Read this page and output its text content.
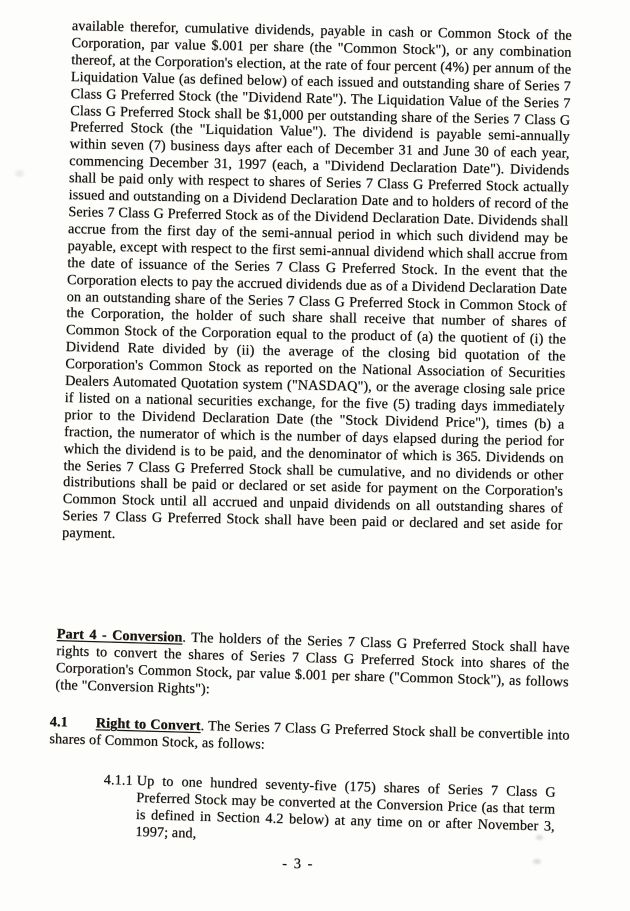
available therefor, cumulative dividends, payable in cash or Common Stock of the Corporation, par value $.001 per share (the "Common Stock"), or any combination thereof, at the Corporation's election, at the rate of four percent (4%) per annum of the Liquidation Value (as defined below) of each issued and outstanding share of Series 7 Class G Preferred Stock (the "Dividend Rate"). The Liquidation Value of the Series 7 Class G Preferred Stock shall be $1,000 per outstanding share of the Series 7 Class G Preferred Stock (the "Liquidation Value"). The dividend is payable semi-annually within seven (7) business days after each of December 31 and June 30 of each year, commencing December 31, 1997 (each, a "Dividend Declaration Date"). Dividends shall be paid only with respect to shares of Series 7 Class G Preferred Stock actually issued and outstanding on a Dividend Declaration Date and to holders of record of the Series 7 Class G Preferred Stock as of the Dividend Declaration Date. Dividends shall accrue from the first day of the semi-annual period in which such dividend may be payable, except with respect to the first semi-annual dividend which shall accrue from the date of issuance of the Series 7 Class G Preferred Stock. In the event that the Corporation elects to pay the accrued dividends due as of a Dividend Declaration Date on an outstanding share of the Series 7 Class G Preferred Stock in Common Stock of the Corporation, the holder of such share shall receive that number of shares of Common Stock of the Corporation equal to the product of (a) the quotient of (i) the Dividend Rate divided by (ii) the average of the closing bid quotation of the Corporation's Common Stock as reported on the National Association of Securities Dealers Automated Quotation system ("NASDAQ"), or the average closing sale price if listed on a national securities exchange, for the five (5) trading days immediately prior to the Dividend Declaration Date (the "Stock Dividend Price"), times (b) a fraction, the numerator of which is the number of days elapsed during the period for which the dividend is to be paid, and the denominator of which is 365. Dividends on the Series 7 Class G Preferred Stock shall be cumulative, and no dividends or other distributions shall be paid or declared or set aside for payment on the Corporation's Common Stock until all accrued and unpaid dividends on all outstanding shares of Series 7 Class G Preferred Stock shall have been paid or declared and set aside for payment.
Part 4 - Conversion. The holders of the Series 7 Class G Preferred Stock shall have rights to convert the shares of Series 7 Class G Preferred Stock into shares of the Corporation's Common Stock, par value $.001 per share ("Common Stock"), as follows (the "Conversion Rights"):
4.1 Right to Convert. The Series 7 Class G Preferred Stock shall be convertible into shares of Common Stock, as follows:
4.1.1 Up to one hundred seventy-five (175) shares of Series 7 Class G Preferred Stock may be converted at the Conversion Price (as that term is defined in Section 4.2 below) at any time on or after November 3, 1997; and,
- 3 -
